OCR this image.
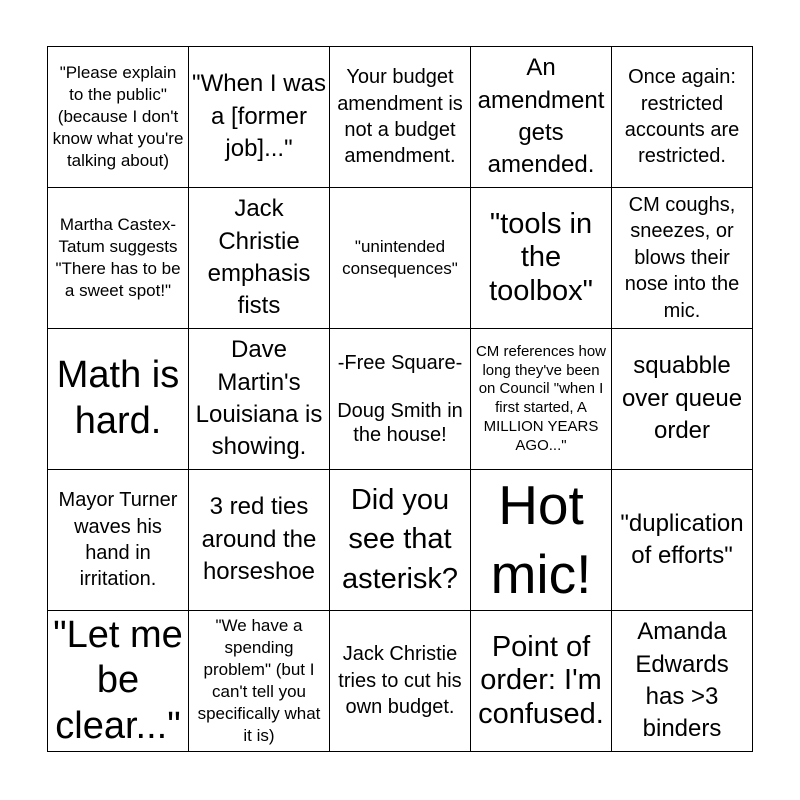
"Please explain to the public" (because I don't know what you're talking about)
"When I was a [former job]..."
Your budget amendment is not a budget amendment.
An amendment gets amended.
Once again: restricted accounts are restricted.
Martha Castex-Tatum suggests "There has to be a sweet spot!"
Jack Christie emphasis fists
"unintended consequences"
"tools in the toolbox"
CM coughs, sneezes, or blows their nose into the mic.
Math is hard.
Dave Martin's Louisiana is showing.
-Free Square-

Doug Smith in the house!
CM references how long they've been on Council "when I first started, A MILLION YEARS AGO..."
squabble over queue order
Mayor Turner waves his hand in irritation.
3 red ties around the horseshoe
Did you see that asterisk?
Hot mic!
"duplication of efforts"
"Let me be clear..."
"We have a spending problem" (but I can't tell you specifically what it is)
Jack Christie tries to cut his own budget.
Point of order: I'm confused.
Amanda Edwards has >3 binders
